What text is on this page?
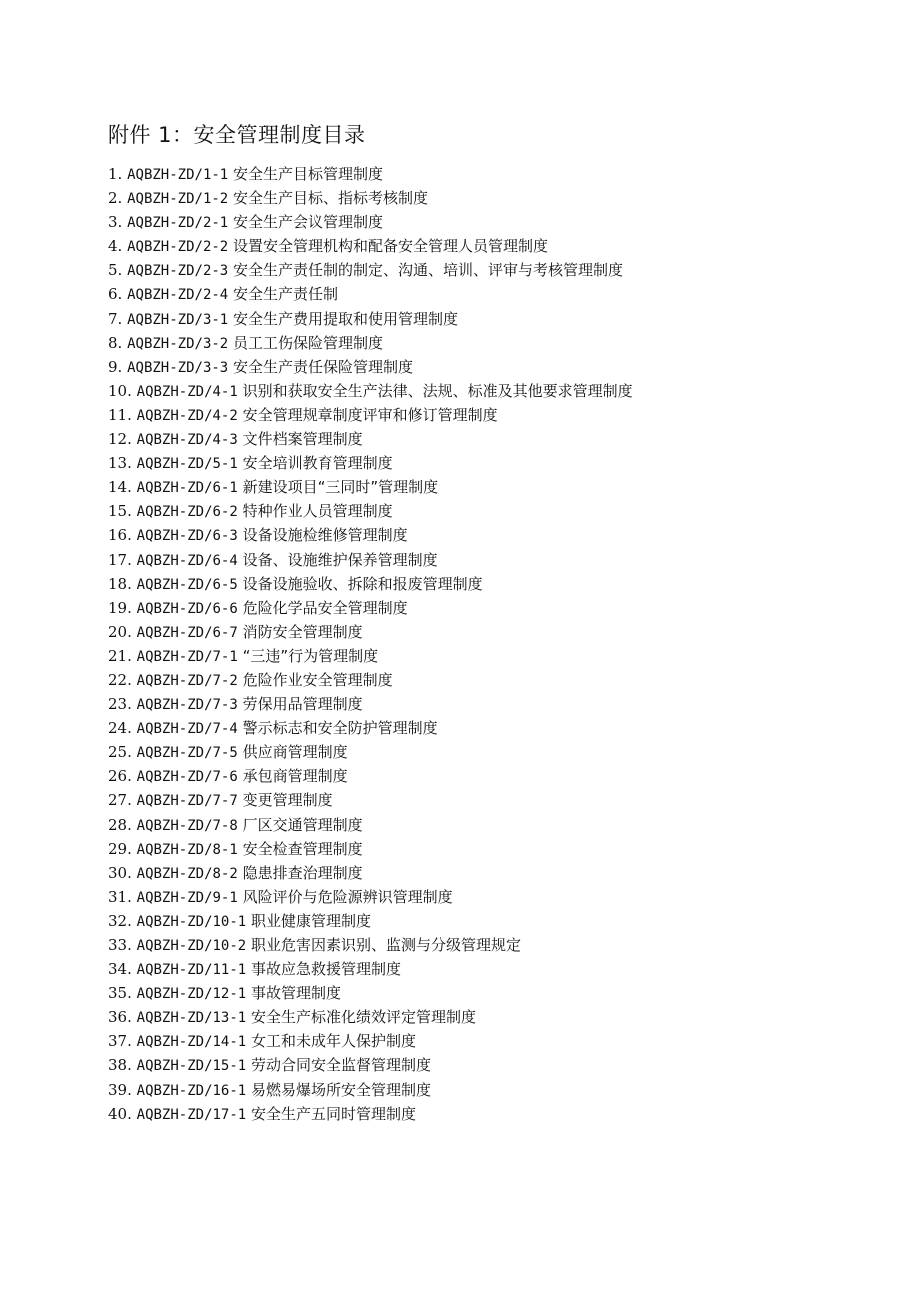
附件 1：安全管理制度目录
1. AQBZH-ZD/1-1 安全生产目标管理制度
2. AQBZH-ZD/1-2 安全生产目标、指标考核制度
3. AQBZH-ZD/2-1 安全生产会议管理制度
4. AQBZH-ZD/2-2 设置安全管理机构和配备安全管理人员管理制度
5. AQBZH-ZD/2-3 安全生产责任制的制定、沟通、培训、评审与考核管理制度
6. AQBZH-ZD/2-4 安全生产责任制
7. AQBZH-ZD/3-1 安全生产费用提取和使用管理制度
8. AQBZH-ZD/3-2 员工工伤保险管理制度
9. AQBZH-ZD/3-3 安全生产责任保险管理制度
10. AQBZH-ZD/4-1 识别和获取安全生产法律、法规、标准及其他要求管理制度
11. AQBZH-ZD/4-2 安全管理规章制度评审和修订管理制度
12. AQBZH-ZD/4-3 文件档案管理制度
13. AQBZH-ZD/5-1 安全培训教育管理制度
14. AQBZH-ZD/6-1 新建设项目“三同时”管理制度
15. AQBZH-ZD/6-2 特种作业人员管理制度
16. AQBZH-ZD/6-3 设备设施检维修管理制度
17. AQBZH-ZD/6-4 设备、设施维护保养管理制度
18. AQBZH-ZD/6-5 设备设施验收、拆除和报废管理制度
19. AQBZH-ZD/6-6 危险化学品安全管理制度
20. AQBZH-ZD/6-7 消防安全管理制度
21. AQBZH-ZD/7-1 “三违”行为管理制度
22. AQBZH-ZD/7-2 危险作业安全管理制度
23. AQBZH-ZD/7-3 劳保用品管理制度
24. AQBZH-ZD/7-4 警示标志和安全防护管理制度
25. AQBZH-ZD/7-5 供应商管理制度
26. AQBZH-ZD/7-6 承包商管理制度
27. AQBZH-ZD/7-7 变更管理制度
28. AQBZH-ZD/7-8 厂区交通管理制度
29. AQBZH-ZD/8-1 安全检查管理制度
30. AQBZH-ZD/8-2 隐患排查治理制度
31. AQBZH-ZD/9-1 风险评价与危险源辨识管理制度
32. AQBZH-ZD/10-1 职业健康管理制度
33. AQBZH-ZD/10-2 职业危害因素识别、监测与分级管理规定
34. AQBZH-ZD/11-1 事故应急救援管理制度
35. AQBZH-ZD/12-1 事故管理制度
36. AQBZH-ZD/13-1 安全生产标准化绩效评定管理制度
37. AQBZH-ZD/14-1 女工和未成年人保护制度
38. AQBZH-ZD/15-1 劳动合同安全监督管理制度
39. AQBZH-ZD/16-1 易燃易爆场所安全管理制度
40. AQBZH-ZD/17-1 安全生产五同时管理制度
